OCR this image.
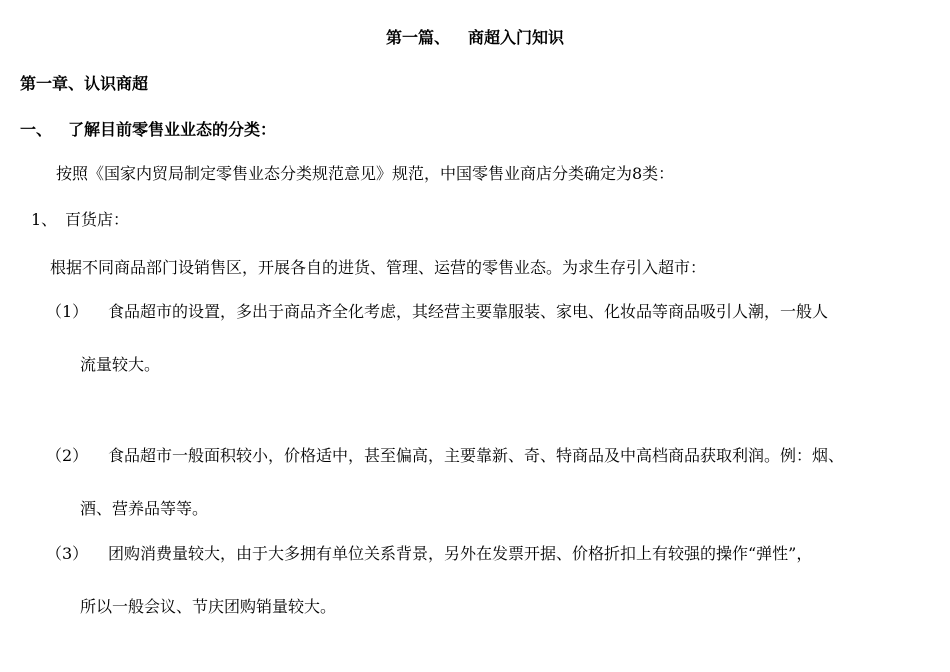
第一篇、 商超入门知识
第一章、认识商超
一、 了解目前零售业业态的分类：
按照《国家内贸局制定零售业态分类规范意见》规范，中国零售业商店分类确定为8类：
1、 百货店：
根据不同商品部门设销售区，开展各自的进货、管理、运营的零售业态。为求生存引入超市：
（1） 食品超市的设置，多出于商品齐全化考虑，其经营主要靠服装、家电、化妆品等商品吸引人潮，一般人
流量较大。
（2） 食品超市一般面积较小，价格适中，甚至偏高，主要靠新、奇、特商品及中高档商品获取利润。例：烟、
酒、营养品等等。
（3） 团购消费量较大，由于大多拥有单位关系背景，另外在发票开据、价格折扣上有较强的操作“弹性”，
所以一般会议、节庆团购销量较大。
